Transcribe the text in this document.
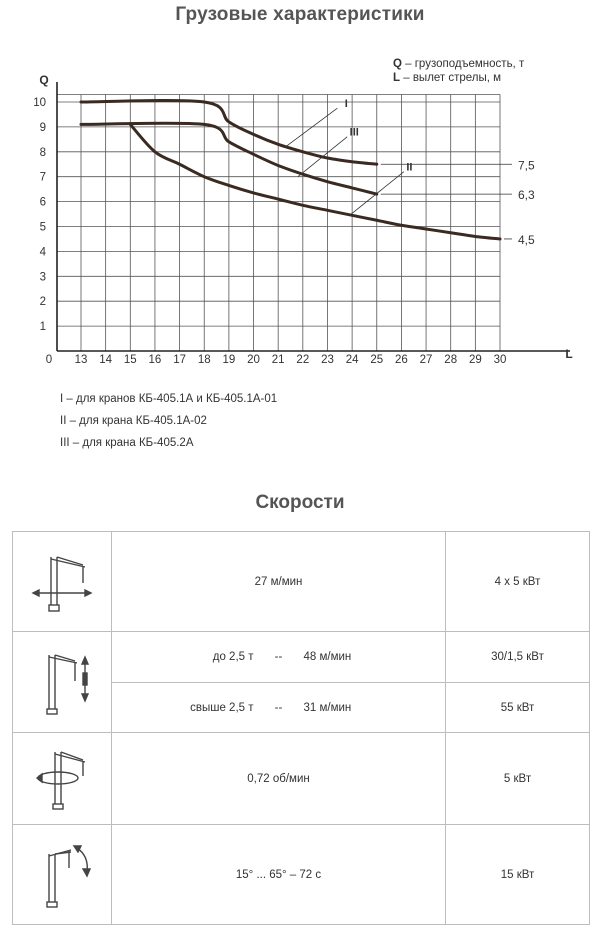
Грузовые характеристики
0 13 14 15 16 17 18 19 20 21 22 23 24 25 26 27 28 29 30
1
2
3
4
5
6
7
8
9
10
Q
L
I
7,5
III
6,3
II
4,5
Q – грузоподъемность, т
L – вылет стрелы, м
I – для кранов КБ-405.1А и КБ-405.1А-01
II – для крана КБ-405.1А-02
III – для крана КБ-405.2А
Скорости
	27 м/мин	4 х 5 кВт

до 2,5 т -- 48 м/мин	30/1,5 кВт

	свыше 2,5 т -- 31 м/мин	55 кВт

	0,72 об/мин	5 кВт

	15° ... 65° – 72 с	15 кВт
